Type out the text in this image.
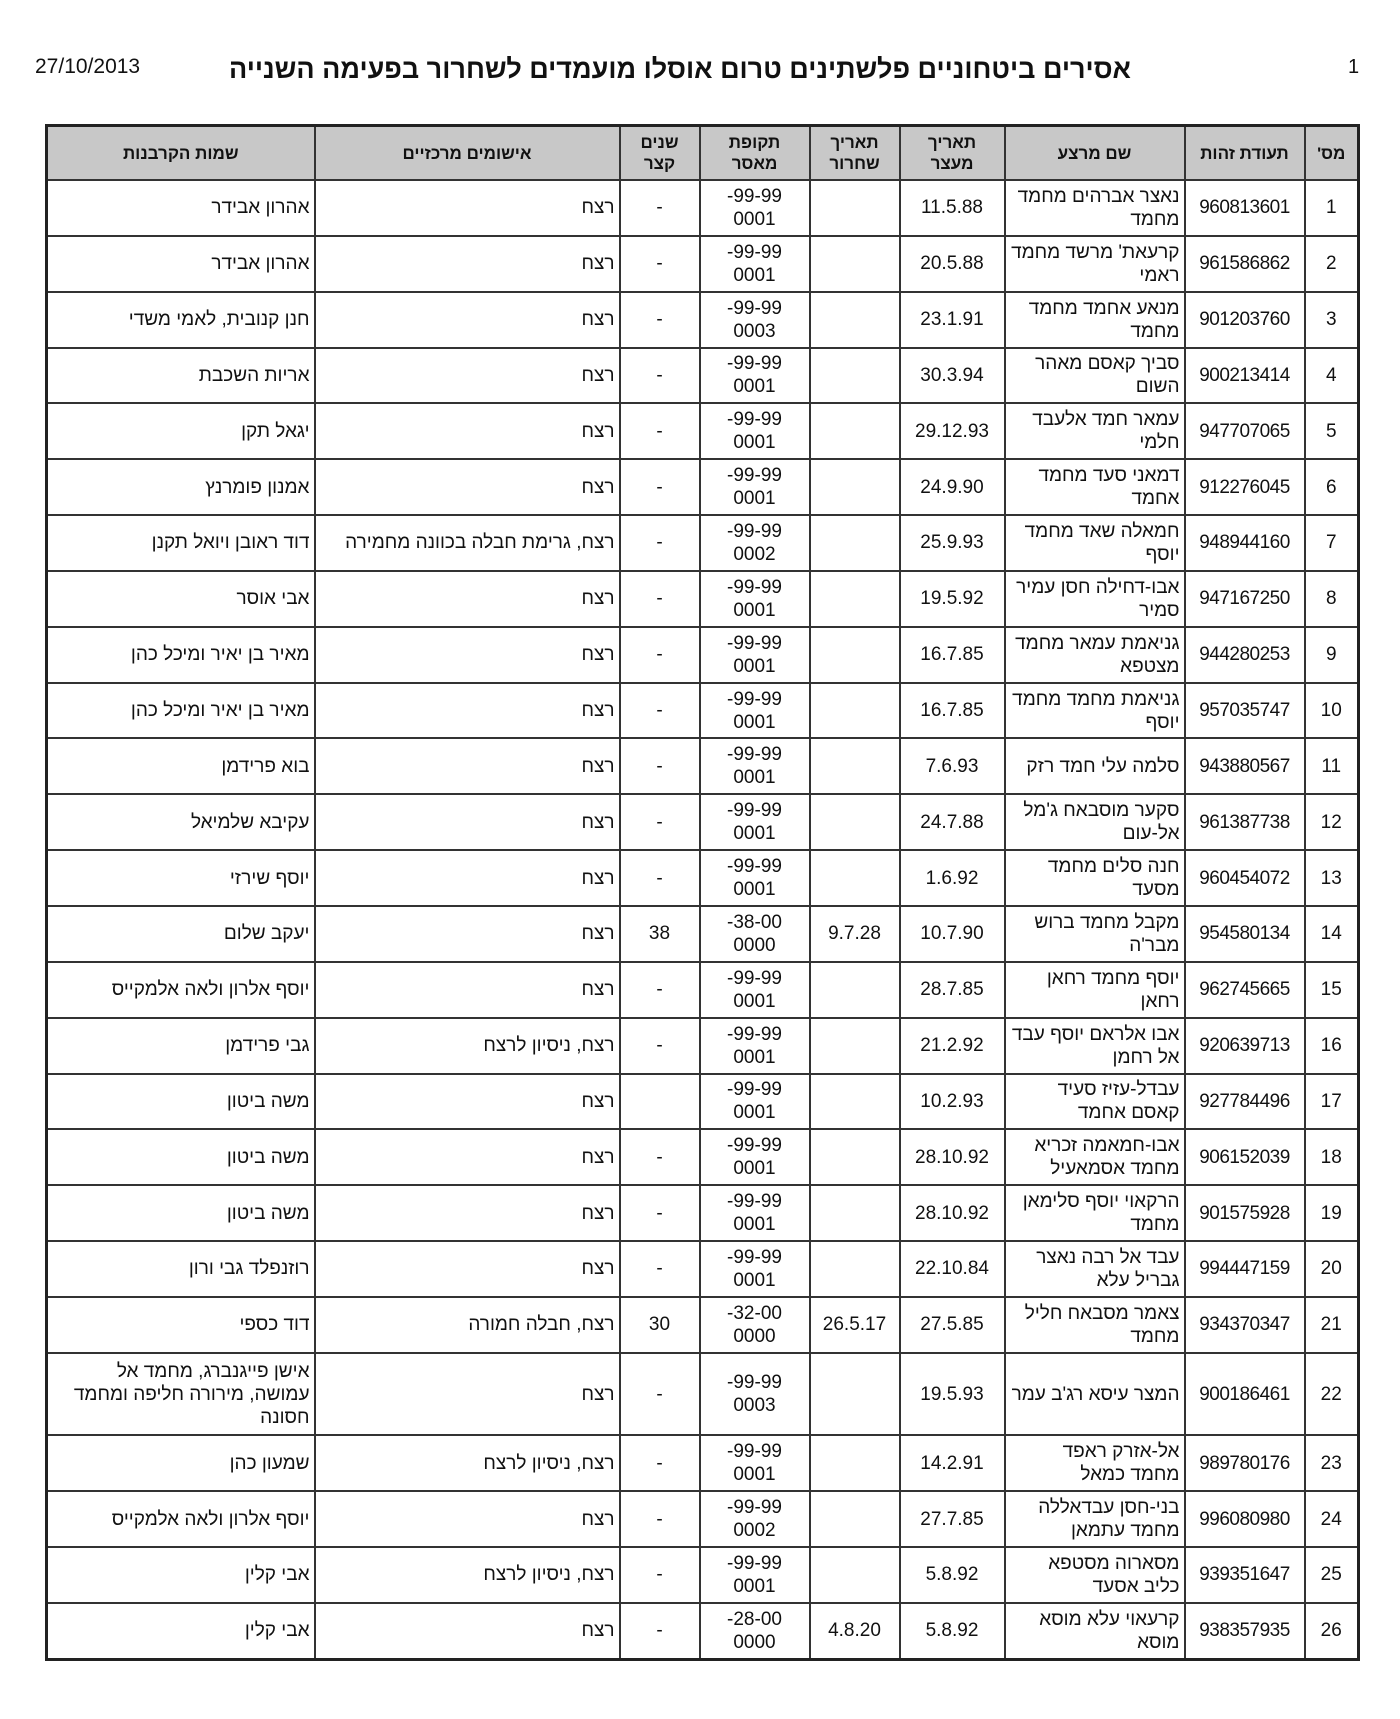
1
אסירים ביטחוניים פלשתינים טרום אוסלו מועמדים לשחרור בפעימה השנייה
27/10/2013
מס'	תעודת זהות	שם מרצע	תאריך מעצר	תאריך שחרור	תקופת מאסר	שנים קצר	אישומים מרכזיים	שמות הקרבנות
1	960813601	נאצר אברהים מחמד מחמד	11.5.88		-99-99 0001	-	רצח	אהרון אבידר
2	961586862	קרעאת' מרשד מחמד ראמי	20.5.88		-99-99 0001	-	רצח	אהרון אבידר
3	901203760	מנאע אחמד מחמד מחמד	23.1.91		-99-99 0003	-	רצח	חנן קנובית, לאמי משדי
4	900213414	סביך קאסם מאהר השום	30.3.94		-99-99 0001	-	רצח	אריות השכבת
5	947707065	עמאר חמד אלעבד חלמי	29.12.93		-99-99 0001	-	רצח	יגאל תקן
6	912276045	דמאני סעד מחמד אחמד	24.9.90		-99-99 0001	-	רצח	אמנון פומרנץ
7	948944160	חמאלה שאד מחמד יוסף	25.9.93		-99-99 0002	-	רצח, גרימת חבלה בכוונה מחמירה	דוד ראובן ויואל תקנן
8	947167250	אבו-דחילה חסן עמיר סמיר	19.5.92		-99-99 0001	-	רצח	אבי אוסר
9	944280253	גניאמת עמאר מחמד מצטפא	16.7.85		-99-99 0001	-	רצח	מאיר בן יאיר ומיכל כהן
10	957035747	גניאמת מחמד מחמד יוסף	16.7.85		-99-99 0001	-	רצח	מאיר בן יאיר ומיכל כהן
11	943880567	סלמה עלי חמד רזק	7.6.93		-99-99 0001	-	רצח	בוא פרידמן
12	961387738	סקער מוסבאח ג'מל אל-עום	24.7.88		-99-99 0001	-	רצח	עקיבא שלמיאל
13	960454072	חנה סלים מחמד מסעד	1.6.92		-99-99 0001	-	רצח	יוסף שירזי
14	954580134	מקבל מחמד ברוש מבר'ה	10.7.90	9.7.28	-38-00 0000	38	רצח	יעקב שלום
15	962745665	יוסף מחמד רחאן רחאן	28.7.85		-99-99 0001	-	רצח	יוסף אלרון ולאה אלמקייס
16	920639713	אבו אלראם יוסף עבד אל רחמן	21.2.92		-99-99 0001	-	רצח, ניסיון לרצח	גבי פרידמן
17	927784496	עבדל-עזיז סעיד קאסם אחמד	10.2.93		-99-99 0001		רצח	משה ביטון
18	906152039	אבו-חמאמה זכריא מחמד אסמאעיל	28.10.92		-99-99 0001	-	רצח	משה ביטון
19	901575928	הרקאוי יוסף סלימאן מחמד	28.10.92		-99-99 0001	-	רצח	משה ביטון
20	994447159	עבד אל רבה נאצר גבריל עלא	22.10.84		-99-99 0001	-	רצח	רוזנפלד גבי ורון
21	934370347	צאמר מסבאח חליל מחמד	27.5.85	26.5.17	-32-00 0000	30	רצח, חבלה חמורה	דוד כספי
22	900186461	המצר עיסא רג'ב עמר	19.5.93		-99-99 0003	-	רצח	אישן פייגנברג, מחמד אל עמושה, מירורה חליפה ומחמד חסונה
23	989780176	אל-אזרק ראפד מחמד כמאל	14.2.91		-99-99 0001	-	רצח, ניסיון לרצח	שמעון כהן
24	996080980	בני-חסן עבדאללה מחמד עתמאן	27.7.85		-99-99 0002	-	רצח	יוסף אלרון ולאה אלמקייס
25	939351647	מסארוה מסטפא כליב אסעד	5.8.92		-99-99 0001	-	רצח, ניסיון לרצח	אבי קלין
26	938357935	קרעאוי עלא מוסא מוסא	5.8.92	4.8.20	-28-00 0000	-	רצח	אבי קלין
